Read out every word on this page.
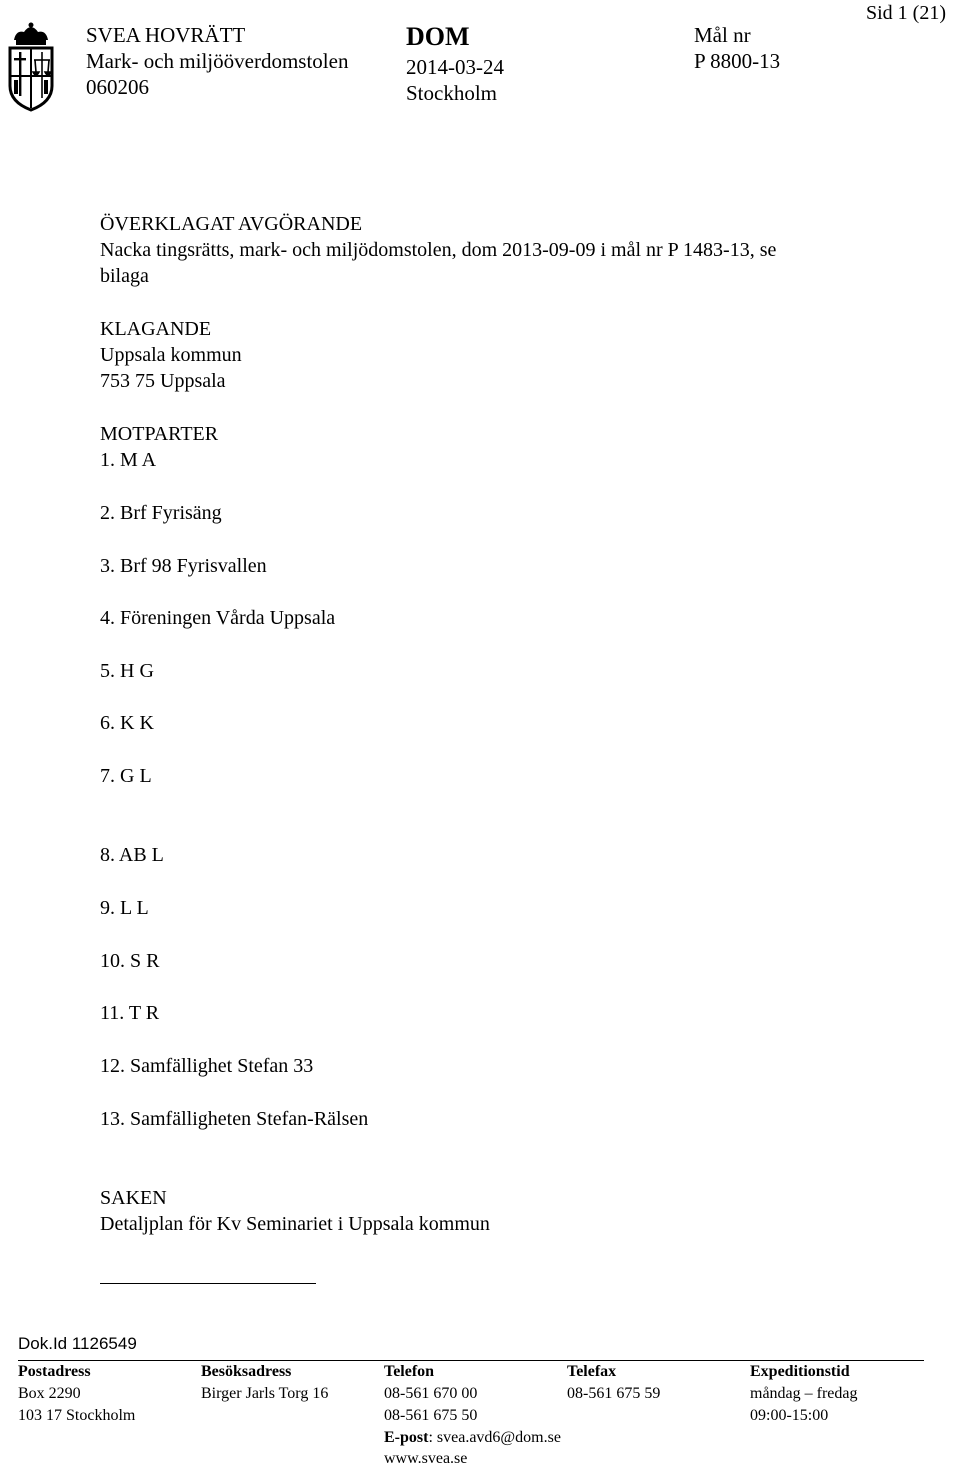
SVEA HOVRÄTT
Mark- och miljööverdomstolen
060206
DOM
2014-03-24
Stockholm
Mål nr
P 8800-13
Sid 1 (21)
ÖVERKLAGAT AVGÖRANDE
Nacka tingsrätts, mark- och miljödomstolen, dom 2013-09-09 i mål nr P 1483-13, se
bilaga
KLAGANDE
Uppsala kommun
753 75 Uppsala
MOTPARTER
1. M A
2. Brf Fyrisäng
3. Brf 98 Fyrisvallen
4. Föreningen Vårda Uppsala
5. H G
6. K K
7. G L
8. AB L
9. L L
10. S R
11. T R
12. Samfällighet Stefan 33
13. Samfälligheten Stefan-Rälsen
SAKEN
Detaljplan för Kv Seminariet i Uppsala kommun
Dok.Id 1126549
Postadress
Box 2290
103 17 Stockholm
Besöksadress
Birger Jarls Torg 16
Telefon
08-561 670 00
08-561 675 50
E-post: svea.avd6@dom.se
www.svea.se
Telefax
08-561 675 59
Expeditionstid
måndag – fredag
09:00-15:00
